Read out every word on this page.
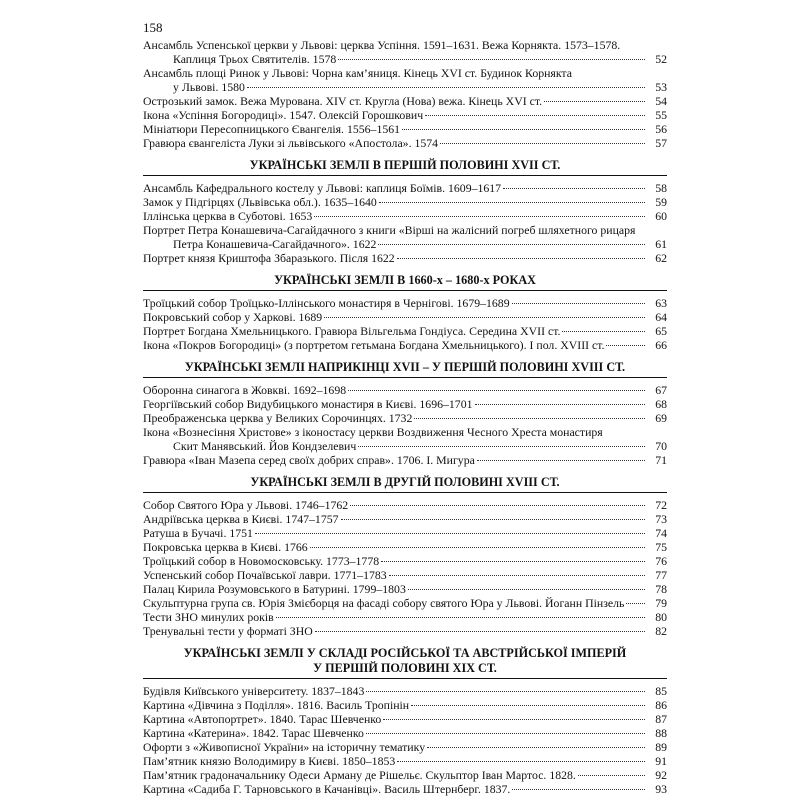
158
Ансамбль Успенської церкви у Львові: церква Успіння. 1591–1631. Вежа Корнякта. 1573–1578.
Каплиця Трьох Святителів. 1578	52
Ансамбль площі Ринок у Львові: Чорна кам’яниця. Кінець XVI ст. Будинок Корнякта
у Львові. 1580	53
Острозький замок. Вежа Мурована. XIV ст. Кругла (Нова) вежа. Кінець XVI ст.	54
Ікона «Успіння Богородиці». 1547. Олексій Горошкович	55
Мініатюри Пересопницького Євангелія. 1556–1561	56
Гравюра євангеліста Луки зі львівського «Апостола». 1574	57
УКРАЇНСЬКІ ЗЕМЛІ В ПЕРШІЙ ПОЛОВИНІ XVII СТ.
Ансамбль Кафедрального костелу у Львові: каплиця Боїмів. 1609–1617	58
Замок у Підгірцях (Львівська обл.). 1635–1640	59
Іллінська церква в Суботові. 1653	60
Портрет Петра Конашевича-Сагайдачного з книги «Вірші на жалісний погреб шляхетного рицаря
Петра Конашевича-Сагайдачного». 1622	61
Портрет князя Криштофа Збаразького. Після 1622	62
УКРАЇНСЬКІ ЗЕМЛІ В 1660-х – 1680-х РОКАХ
Троїцький собор Троїцько-Іллінського монастиря в Чернігові. 1679–1689	63
Покровський собор у Харкові. 1689	64
Портрет Богдана Хмельницького. Гравюра Вільгельма Гондіуса. Середина XVII ст.	65
Ікона «Покров Богородиці» (з портретом гетьмана Богдана Хмельницького). I пол. XVIII ст.	66
УКРАЇНСЬКІ ЗЕМЛІ НАПРИКІНЦІ XVII – У ПЕРШІЙ ПОЛОВИНІ XVIII СТ.
Оборонна синагога в Жовкві. 1692–1698	67
Георгіївський собор Видубицького монастиря в Києві. 1696–1701	68
Преображенська церква у Великих Сорочинцях. 1732	69
Ікона «Вознесіння Христове» з іконостасу церкви Воздвиження Чесного Хреста монастиря
Скит Манявський. Йов Кондзелевич	70
Гравюра «Іван Мазепа серед своїх добрих справ». 1706. І. Мигура	71
УКРАЇНСЬКІ ЗЕМЛІ В ДРУГІЙ ПОЛОВИНІ XVIII СТ.
Собор Святого Юра у Львові. 1746–1762	72
Андріївська церква в Києві. 1747–1757	73
Ратуша в Бучачі. 1751	74
Покровська церква в Києві. 1766	75
Троїцький собор в Новомосковську. 1773–1778	76
Успенський собор Почаївської лаври. 1771–1783	77
Палац Кирила Розумовського в Батурині. 1799–1803	78
Скульптурна група св. Юрія Змієборця на фасаді собору святого Юра у Львові. Йоганн Пінзель	79
Тести ЗНО минулих років	80
Тренувальні тести у форматі ЗНО	82
УКРАЇНСЬКІ ЗЕМЛІ У СКЛАДІ РОСІЙСЬКОЇ ТА АВСТРІЙСЬКОЇ ІМПЕРІЙ
У ПЕРШІЙ ПОЛОВИНІ XIX СТ.
Будівля Київського університету. 1837–1843	85
Картина «Дівчина з Поділля». 1816. Василь Тропінін	86
Картина «Автопортрет». 1840. Тарас Шевченко	87
Картина «Катерина». 1842. Тарас Шевченко	88
Офорти з «Живописної України» на історичну тематику	89
Пам’ятник князю Володимиру в Києві. 1850–1853	91
Пам’ятник градоначальнику Одеси Арману де Рішельє. Скульптор Іван Мартос. 1828.	92
Картина «Садиба Г. Тарновського в Качанівці». Василь Штернберг. 1837.	93
